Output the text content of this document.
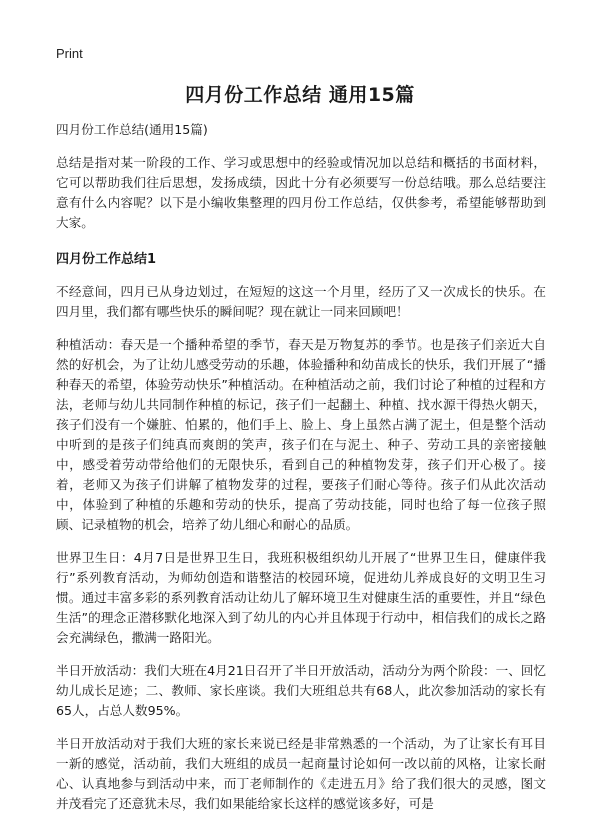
Print

四月份工作总结 通用15篇

四月份工作总结(通用15篇)

总结是指对某一阶段的工作、学习或思想中的经验或情况加以总结和概括的书面材料，它可以帮助我们往后思想，发扬成绩，因此十分有必须要写一份总结哦。那么总结要注意有什么内容呢？以下是小编收集整理的四月份工作总结，仅供参考，希望能够帮助到大家。

四月份工作总结1

不经意间，四月已从身边划过，在短短的这这一个月里，经历了又一次成长的快乐。在四月里，我们都有哪些快乐的瞬间呢？现在就让一同来回顾吧！

种植活动：春天是一个播种希望的季节，春天是万物复苏的季节。也是孩子们亲近大自然的好机会，为了让幼儿感受劳动的乐趣，体验播种和幼苗成长的快乐，我们开展了“播种春天的希望，体验劳动快乐”种植活动。在种植活动之前，我们讨论了种植的过程和方法，老师与幼儿共同制作种植的标记，孩子们一起翻土、种植、找水源干得热火朝天，孩子们没有一个嫌脏、怕累的，他们手上、脸上、身上虽然占满了泥土，但是整个活动中听到的是孩子们纯真而爽朗的笑声，孩子们在与泥土、种子、劳动工具的亲密接触中，感受着劳动带给他们的无限快乐，看到自己的种植物发芽，孩子们开心极了。接着，老师又为孩子们讲解了植物发芽的过程，要孩子们耐心等待。孩子们从此次活动中，体验到了种植的乐趣和劳动的快乐，提高了劳动技能，同时也给了每一位孩子照顾、记录植物的机会，培养了幼儿细心和耐心的品质。

世界卫生日：4月7日是世界卫生日，我班积极组织幼儿开展了“世界卫生日，健康伴我行”系列教育活动，为师幼创造和谐整洁的校园环境，促进幼儿养成良好的文明卫生习惯。通过丰富多彩的系列教育活动让幼儿了解环境卫生对健康生活的重要性，并且“绿色生活”的理念正潜移默化地深入到了幼儿的内心并且体现于行动中，相信我们的成长之路会充满绿色，撒满一路阳光。

半日开放活动：我们大班在4月21日召开了半日开放活动，活动分为两个阶段：一、回忆幼儿成长足迹；二、教师、家长座谈。我们大班组总共有68人，此次参加活动的家长有65人，占总人数95%。

半日开放活动对于我们大班的家长来说已经是非常熟悉的一个活动，为了让家长有耳目一新的感觉，活动前，我们大班组的成员一起商量讨论如何一改以前的风格，让家长耐心、认真地参与到活动中来，而丁老师制作的《走进五月》给了我们很大的灵感，图文并茂看完了还意犹未尽，我们如果能给家长这样的感觉该多好，可是
